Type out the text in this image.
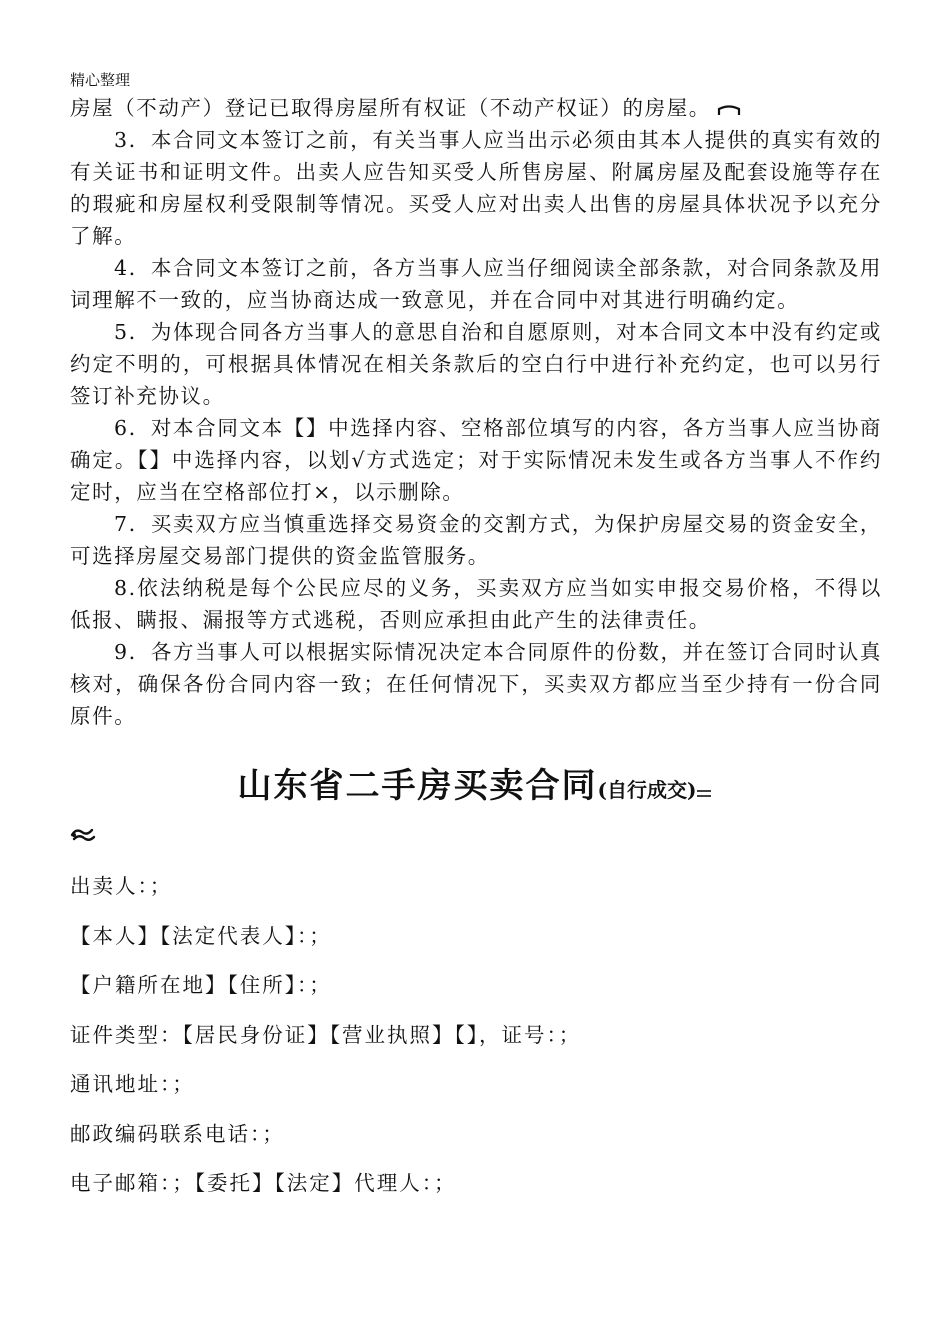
精心整理

房屋（不动产）登记已取得房屋所有权证（不动产权证）的房屋。

3．本合同文本签订之前，有关当事人应当出示必须由其本人提供的真实有效的有关证书和证明文件。出卖人应告知买受人所售房屋、附属房屋及配套设施等存在的瑕疵和房屋权利受限制等情况。买受人应对出卖人出售的房屋具体状况予以充分了解。

4．本合同文本签订之前，各方当事人应当仔细阅读全部条款，对合同条款及用词理解不一致的，应当协商达成一致意见，并在合同中对其进行明确约定。

5．为体现合同各方当事人的意思自治和自愿原则，对本合同文本中没有约定或约定不明的，可根据具体情况在相关条款后的空白行中进行补充约定，也可以另行签订补充协议。

6．对本合同文本【】中选择内容、空格部位填写的内容，各方当事人应当协商确定。【】中选择内容，以划√方式选定；对于实际情况未发生或各方当事人不作约定时，应当在空格部位打×，以示删除。

7．买卖双方应当慎重选择交易资金的交割方式，为保护房屋交易的资金安全，可选择房屋交易部门提供的资金监管服务。

8.依法纳税是每个公民应尽的义务，买卖双方应当如实申报交易价格，不得以低报、瞒报、漏报等方式逃税，否则应承担由此产生的法律责任。

9．各方当事人可以根据实际情况决定本合同原件的份数，并在签订合同时认真核对，确保各份合同内容一致；在任何情况下，买卖双方都应当至少持有一份合同原件。

山东省二手房买卖合同(自行成交)

出卖人：；

【本人】【法定代表人】：；

【户籍所在地】【住所】：；

证件类型：【居民身份证】【营业执照】【】，证号：；

通讯地址：；

邮政编码联系电话：；

电子邮箱：；【委托】【法定】代理人：；
